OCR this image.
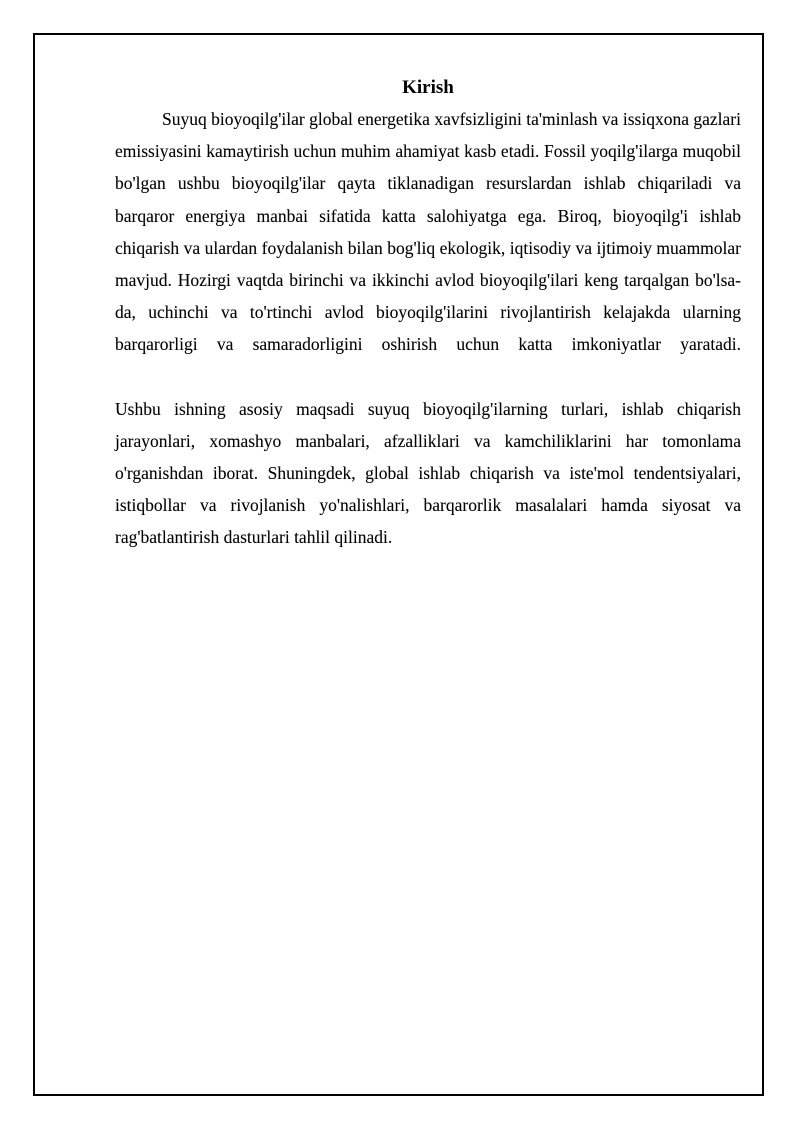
Kirish

Suyuq bioyoqilg'ilar global energetika xavfsizligini ta'minlash va issiqxona gazlari emissiyasini kamaytirish uchun muhim ahamiyat kasb etadi. Fossil yoqilg'ilarga muqobil bo'lgan ushbu bioyoqilg'ilar qayta tiklanadigan resurslardan ishlab chiqariladi va barqaror energiya manbai sifatida katta salohiyatga ega. Biroq, bioyoqilg'i ishlab chiqarish va ulardan foydalanish bilan bog'liq ekologik, iqtisodiy va ijtimoiy muammolar mavjud. Hozirgi vaqtda birinchi va ikkinchi avlod bioyoqilg'ilari keng tarqalgan bo'lsa-da, uchinchi va to'rtinchi avlod bioyoqilg'ilarini rivojlantirish kelajakda ularning barqarorligi va samaradorligini oshirish uchun katta imkoniyatlar yaratadi.

Ushbu ishning asosiy maqsadi suyuq bioyoqilg'ilarning turlari, ishlab chiqarish jarayonlari, xomashyo manbalari, afzalliklari va kamchiliklarini har tomonlama o'rganishdan iborat. Shuningdek, global ishlab chiqarish va iste'mol tendentsiyalari, istiqbollar va rivojlanish yo'nalishlari, barqarorlik masalalari hamda siyosat va rag'batlantirish dasturlari tahlil qilinadi.
